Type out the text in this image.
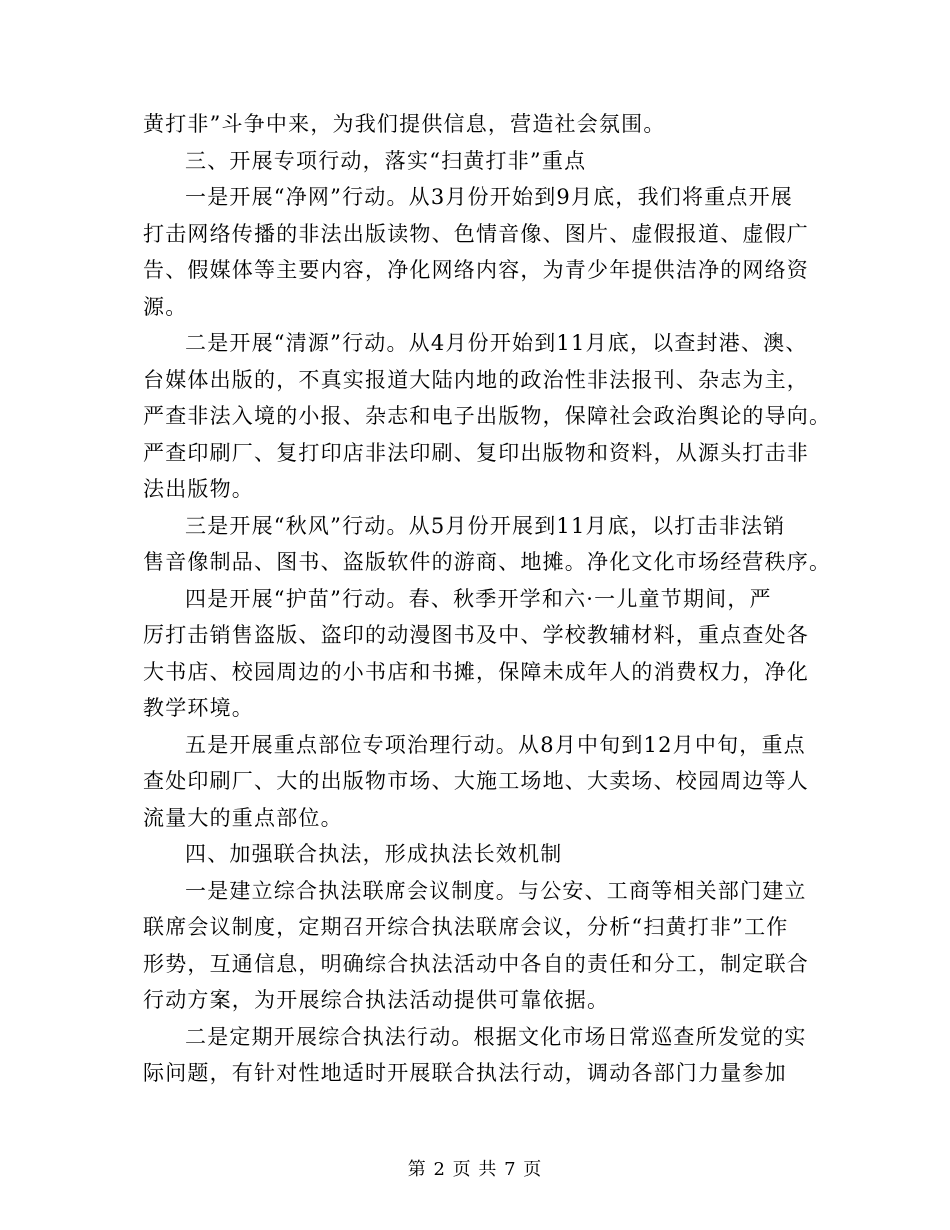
黄打非”斗争中来，为我们提供信息，营造社会氛围。
三、开展专项行动，落实“扫黄打非”重点
一是开展“净网”行动。从3月份开始到9月底，我们将重点开展
打击网络传播的非法出版读物、色情音像、图片、虚假报道、虚假广
告、假媒体等主要内容，净化网络内容，为青少年提供洁净的网络资
源。
二是开展“清源”行动。从4月份开始到11月底，以查封港、澳、
台媒体出版的，不真实报道大陆内地的政治性非法报刊、杂志为主，
严查非法入境的小报、杂志和电子出版物，保障社会政治舆论的导向。
严查印刷厂、复打印店非法印刷、复印出版物和资料，从源头打击非
法出版物。
三是开展“秋风”行动。从5月份开展到11月底，以打击非法销
售音像制品、图书、盗版软件的游商、地摊。净化文化市场经营秩序。
四是开展“护苗”行动。春、秋季开学和六·一儿童节期间，严
厉打击销售盗版、盗印的动漫图书及中、学校教辅材料，重点查处各
大书店、校园周边的小书店和书摊，保障未成年人的消费权力，净化
教学环境。
五是开展重点部位专项治理行动。从8月中旬到12月中旬，重点
查处印刷厂、大的出版物市场、大施工场地、大卖场、校园周边等人
流量大的重点部位。
四、加强联合执法，形成执法长效机制
一是建立综合执法联席会议制度。与公安、工商等相关部门建立
联席会议制度，定期召开综合执法联席会议，分析“扫黄打非”工作
形势，互通信息，明确综合执法活动中各自的责任和分工，制定联合
行动方案，为开展综合执法活动提供可靠依据。
二是定期开展综合执法行动。根据文化市场日常巡查所发觉的实
际问题，有针对性地适时开展联合执法行动，调动各部门力量参加
第 2 页 共 7 页
